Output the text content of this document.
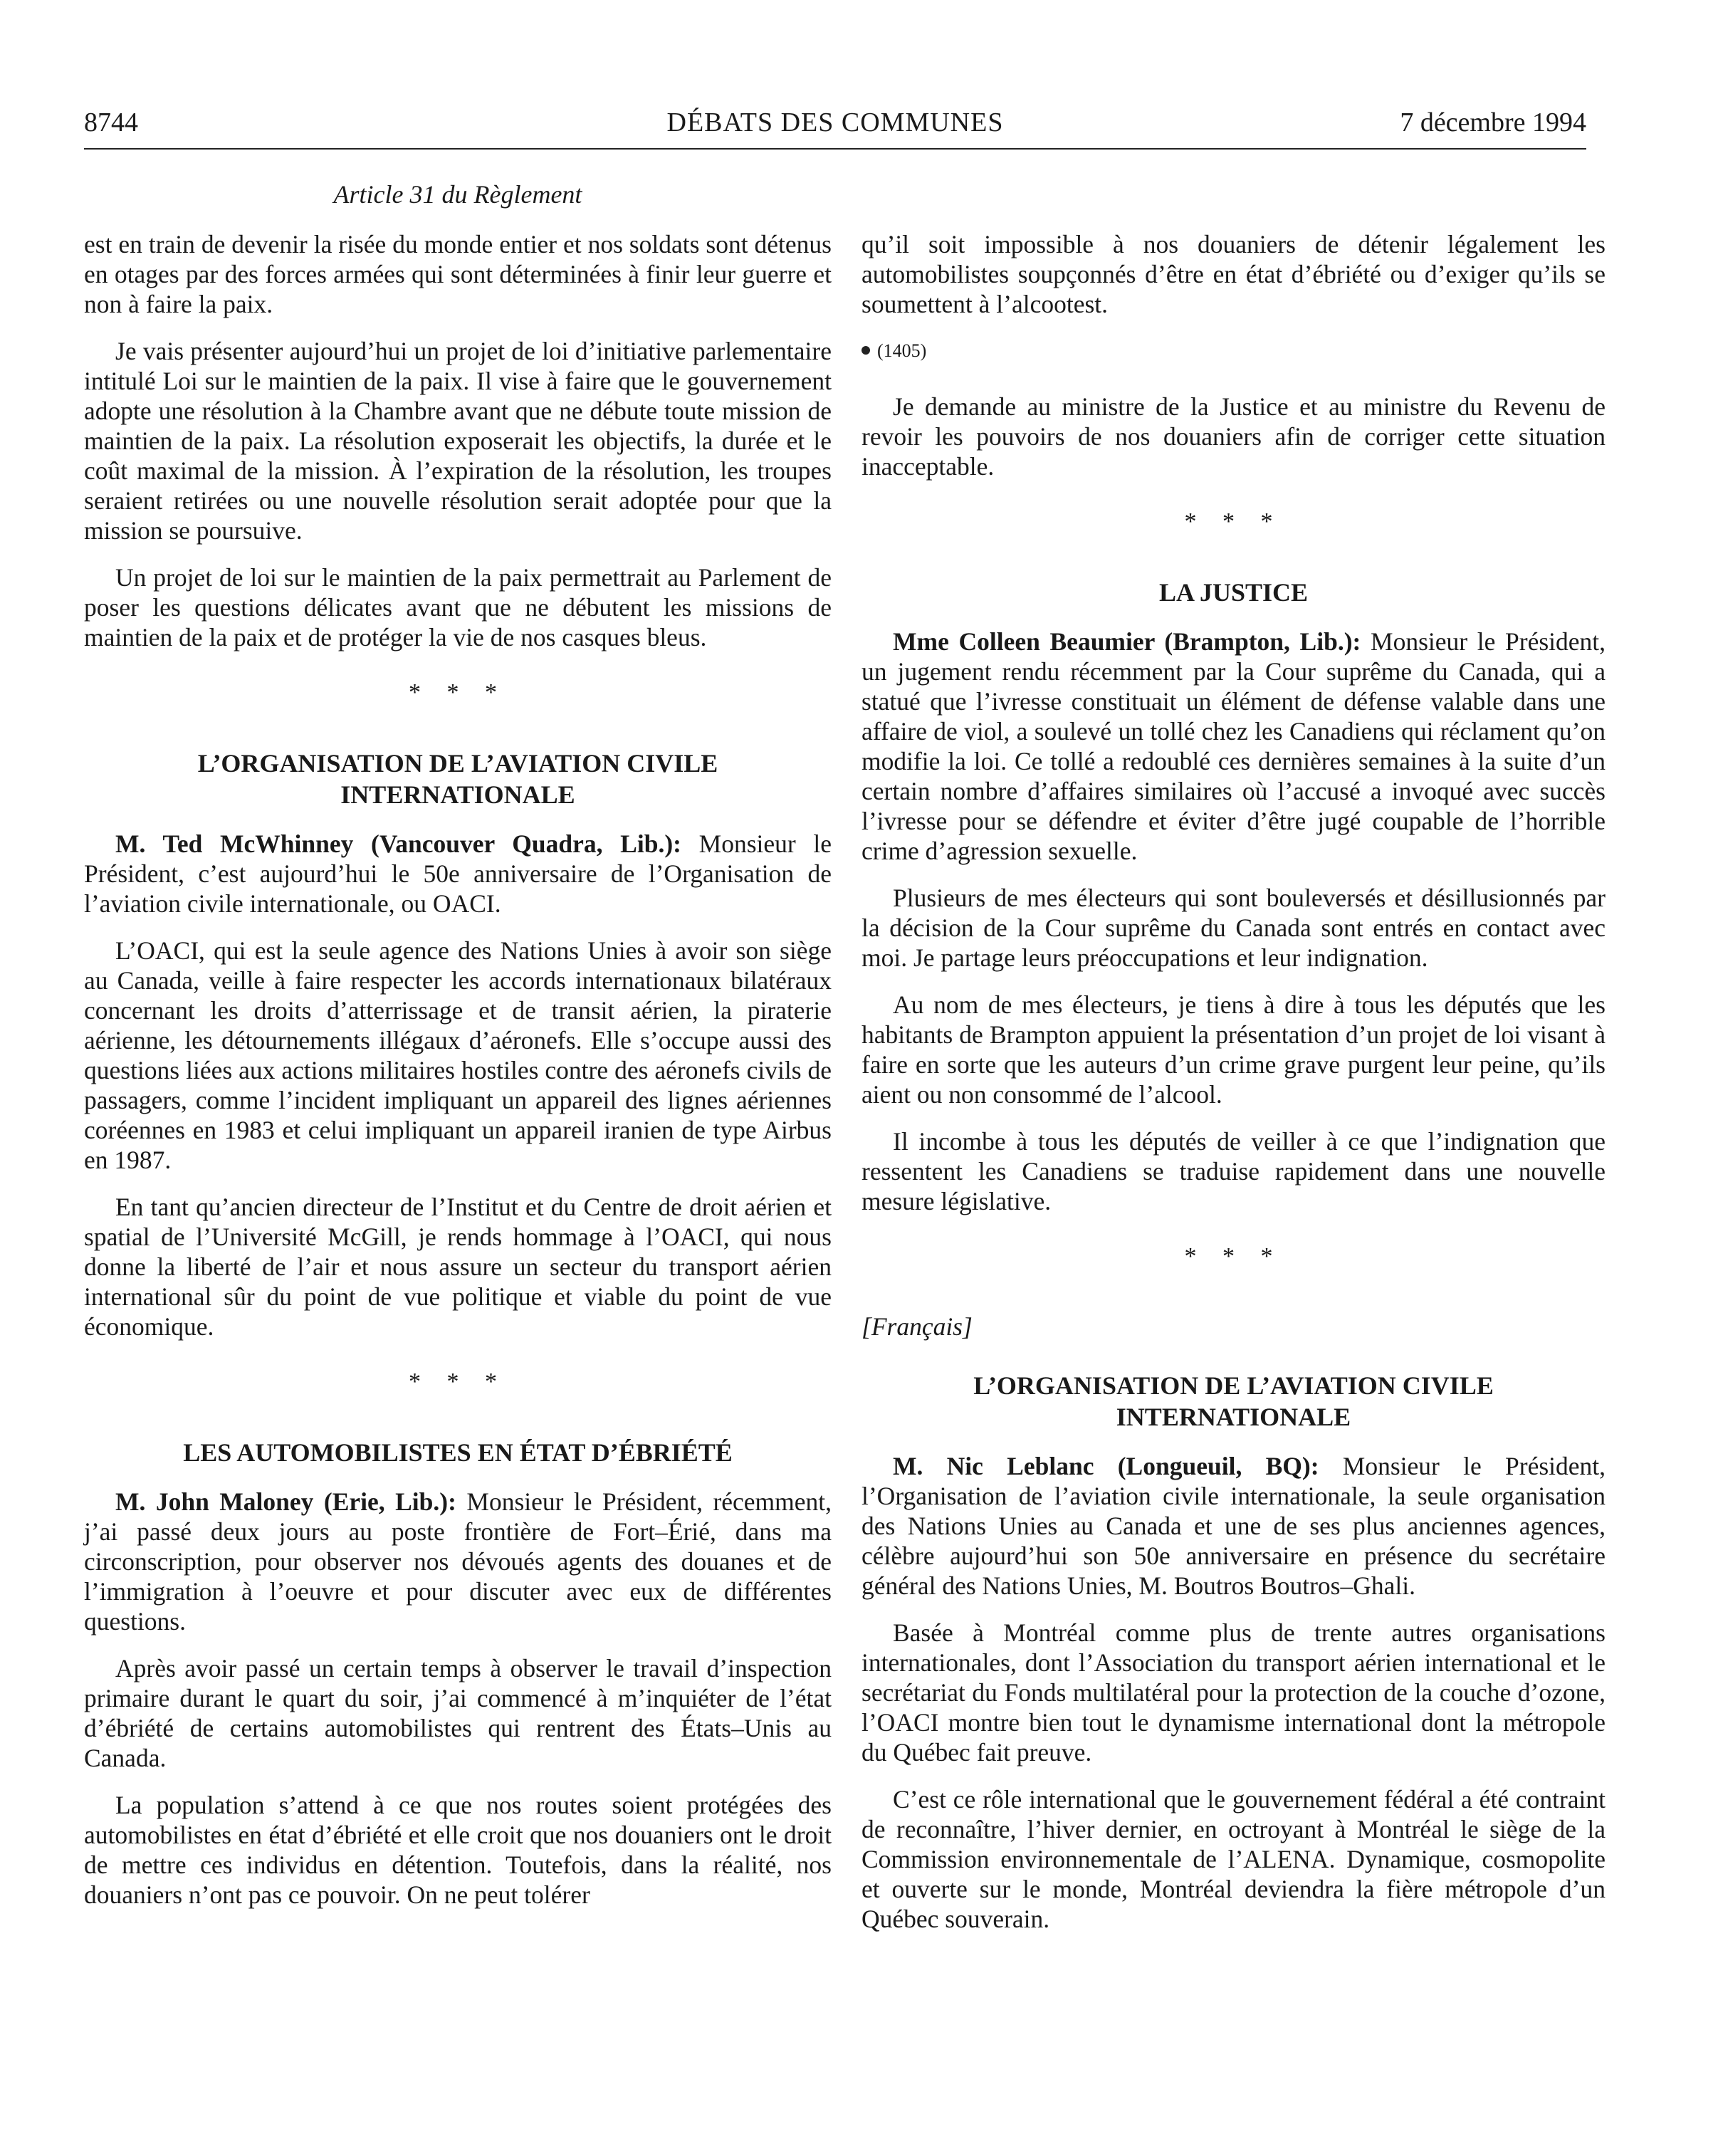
8744	DÉBATS DES COMMUNES	7 décembre 1994
Article 31 du Règlement

est en train de devenir la risée du monde entier et nos soldats sont détenus en otages par des forces armées qui sont déterminées à finir leur guerre et non à faire la paix.

Je vais présenter aujourd’hui un projet de loi d’initiative parlementaire intitulé Loi sur le maintien de la paix. Il vise à faire que le gouvernement adopte une résolution à la Chambre avant que ne débute toute mission de maintien de la paix. La résolution exposerait les objectifs, la durée et le coût maximal de la mission. À l’expiration de la résolution, les troupes seraient retirées ou une nouvelle résolution serait adoptée pour que la mission se poursuive.

Un projet de loi sur le maintien de la paix permettrait au Parlement de poser les questions délicates avant que ne débutent les missions de maintien de la paix et de protéger la vie de nos casques bleus.

* * *
L’ORGANISATION DE L’AVIATION CIVILE INTERNATIONALE

M. Ted McWhinney (Vancouver Quadra, Lib.): Monsieur le Président, c’est aujourd’hui le 50e anniversaire de l’Organisation de l’aviation civile internationale, ou OACI.

L’OACI, qui est la seule agence des Nations Unies à avoir son siège au Canada, veille à faire respecter les accords internationaux bilatéraux concernant les droits d’atterrissage et de transit aérien, la piraterie aérienne, les détournements illégaux d’aéronefs. Elle s’occupe aussi des questions liées aux actions militaires hostiles contre des aéronefs civils de passagers, comme l’incident impliquant un appareil des lignes aériennes coréennes en 1983 et celui impliquant un appareil iranien de type Airbus en 1987.

En tant qu’ancien directeur de l’Institut et du Centre de droit aérien et spatial de l’Université McGill, je rends hommage à l’OACI, qui nous donne la liberté de l’air et nous assure un secteur du transport aérien international sûr du point de vue politique et viable du point de vue économique.

* * *
LES AUTOMOBILISTES EN ÉTAT D’ÉBRIÉTÉ

M. John Maloney (Erie, Lib.): Monsieur le Président, récemment, j’ai passé deux jours au poste frontière de Fort–Érié, dans ma circonscription, pour observer nos dévoués agents des douanes et de l’immigration à l’oeuvre et pour discuter avec eux de différentes questions.

Après avoir passé un certain temps à observer le travail d’inspection primaire durant le quart du soir, j’ai commencé à m’inquiéter de l’état d’ébriété de certains automobilistes qui rentrent des États–Unis au Canada.

La population s’attend à ce que nos routes soient protégées des automobilistes en état d’ébriété et elle croit que nos douaniers ont le droit de mettre ces individus en détention. Toutefois, dans la réalité, nos douaniers n’ont pas ce pouvoir. On ne peut tolérer

qu’il soit impossible à nos douaniers de détenir légalement les automobilistes soupçonnés d’être en état d’ébriété ou d’exiger qu’ils se soumettent à l’alcootest.

(1405)

Je demande au ministre de la Justice et au ministre du Revenu de revoir les pouvoirs de nos douaniers afin de corriger cette situation inacceptable.

* * *
LA JUSTICE

Mme Colleen Beaumier (Brampton, Lib.): Monsieur le Président, un jugement rendu récemment par la Cour suprême du Canada, qui a statué que l’ivresse constituait un élément de défense valable dans une affaire de viol, a soulevé un tollé chez les Canadiens qui réclament qu’on modifie la loi. Ce tollé a redoublé ces dernières semaines à la suite d’un certain nombre d’affaires similaires où l’accusé a invoqué avec succès l’ivresse pour se défendre et éviter d’être jugé coupable de l’horrible crime d’agression sexuelle.

Plusieurs de mes électeurs qui sont bouleversés et désillusionnés par la décision de la Cour suprême du Canada sont entrés en contact avec moi. Je partage leurs préoccupations et leur indignation.

Au nom de mes électeurs, je tiens à dire à tous les députés que les habitants de Brampton appuient la présentation d’un projet de loi visant à faire en sorte que les auteurs d’un crime grave purgent leur peine, qu’ils aient ou non consommé de l’alcool.

Il incombe à tous les députés de veiller à ce que l’indignation que ressentent les Canadiens se traduise rapidement dans une nouvelle mesure législative.

* * *
[Français]
L’ORGANISATION DE L’AVIATION CIVILE INTERNATIONALE

M. Nic Leblanc (Longueuil, BQ): Monsieur le Président, l’Organisation de l’aviation civile internationale, la seule organisation des Nations Unies au Canada et une de ses plus anciennes agences, célèbre aujourd’hui son 50e anniversaire en présence du secrétaire général des Nations Unies, M. Boutros Boutros–Ghali.

Basée à Montréal comme plus de trente autres organisations internationales, dont l’Association du transport aérien international et le secrétariat du Fonds multilatéral pour la protection de la couche d’ozone, l’OACI montre bien tout le dynamisme international dont la métropole du Québec fait preuve.

C’est ce rôle international que le gouvernement fédéral a été contraint de reconnaître, l’hiver dernier, en octroyant à Montréal le siège de la Commission environnementale de l’ALENA. Dynamique, cosmopolite et ouverte sur le monde, Montréal deviendra la fière métropole d’un Québec souverain.
